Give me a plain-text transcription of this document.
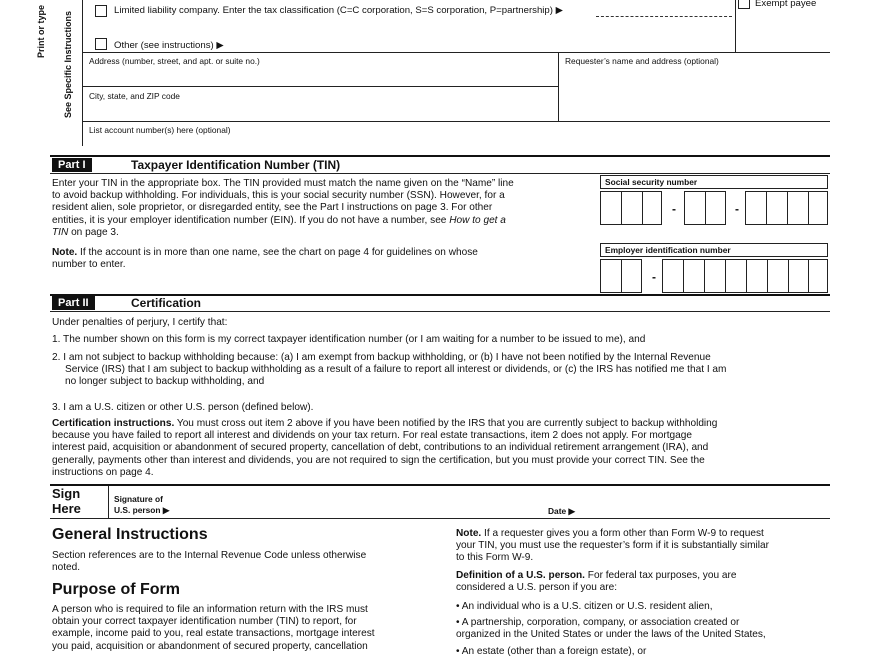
Print or type See Specific Instructions
Limited liability company. Enter the tax classification (C=C corporation, S=S corporation, P=partnership) ▶
Exempt payee
Other (see instructions) ▶
Address (number, street, and apt. or suite no.)	Requester’s name and address (optional)
City, state, and ZIP code
List account number(s) here (optional)
Part I	Taxpayer Identification Number (TIN)
Enter your TIN in the appropriate box. The TIN provided must match the name given on the “Name” line
to avoid backup withholding. For individuals, this is your social security number (SSN). However, for a
resident alien, sole proprietor, or disregarded entity, see the Part I instructions on page 3. For other
entities, it is your employer identification number (EIN). If you do not have a number, see How to get a
TIN on page 3.
Note. If the account is in more than one name, see the chart on page 4 for guidelines on whose
number to enter.
Social security number
-	-
Employer identification number
-
Part II	Certification
Under penalties of perjury, I certify that:
1. The number shown on this form is my correct taxpayer identification number (or I am waiting for a number to be issued to me), and
2. I am not subject to backup withholding because: (a) I am exempt from backup withholding, or (b) I have not been notified by the Internal Revenue
Service (IRS) that I am subject to backup withholding as a result of a failure to report all interest or dividends, or (c) the IRS has notified me that I am
no longer subject to backup withholding, and
3. I am a U.S. citizen or other U.S. person (defined below).
Certification instructions. You must cross out item 2 above if you have been notified by the IRS that you are currently subject to backup withholding
because you have failed to report all interest and dividends on your tax return. For real estate transactions, item 2 does not apply. For mortgage
interest paid, acquisition or abandonment of secured property, cancellation of debt, contributions to an individual retirement arrangement (IRA), and
generally, payments other than interest and dividends, you are not required to sign the certification, but you must provide your correct TIN. See the
instructions on page 4.
Sign
Here
Signature of
U.S. person ▶	Date ▶
General Instructions
Section references are to the Internal Revenue Code unless otherwise
noted.
Purpose of Form
A person who is required to file an information return with the IRS must
obtain your correct taxpayer identification number (TIN) to report, for
example, income paid to you, real estate transactions, mortgage interest
you paid, acquisition or abandonment of secured property, cancellation
Note. If a requester gives you a form other than Form W-9 to request
your TIN, you must use the requester’s form if it is substantially similar
to this Form W-9.
Definition of a U.S. person. For federal tax purposes, you are
considered a U.S. person if you are:
• An individual who is a U.S. citizen or U.S. resident alien,
• A partnership, corporation, company, or association created or
organized in the United States or under the laws of the United States,
• An estate (other than a foreign estate), or
